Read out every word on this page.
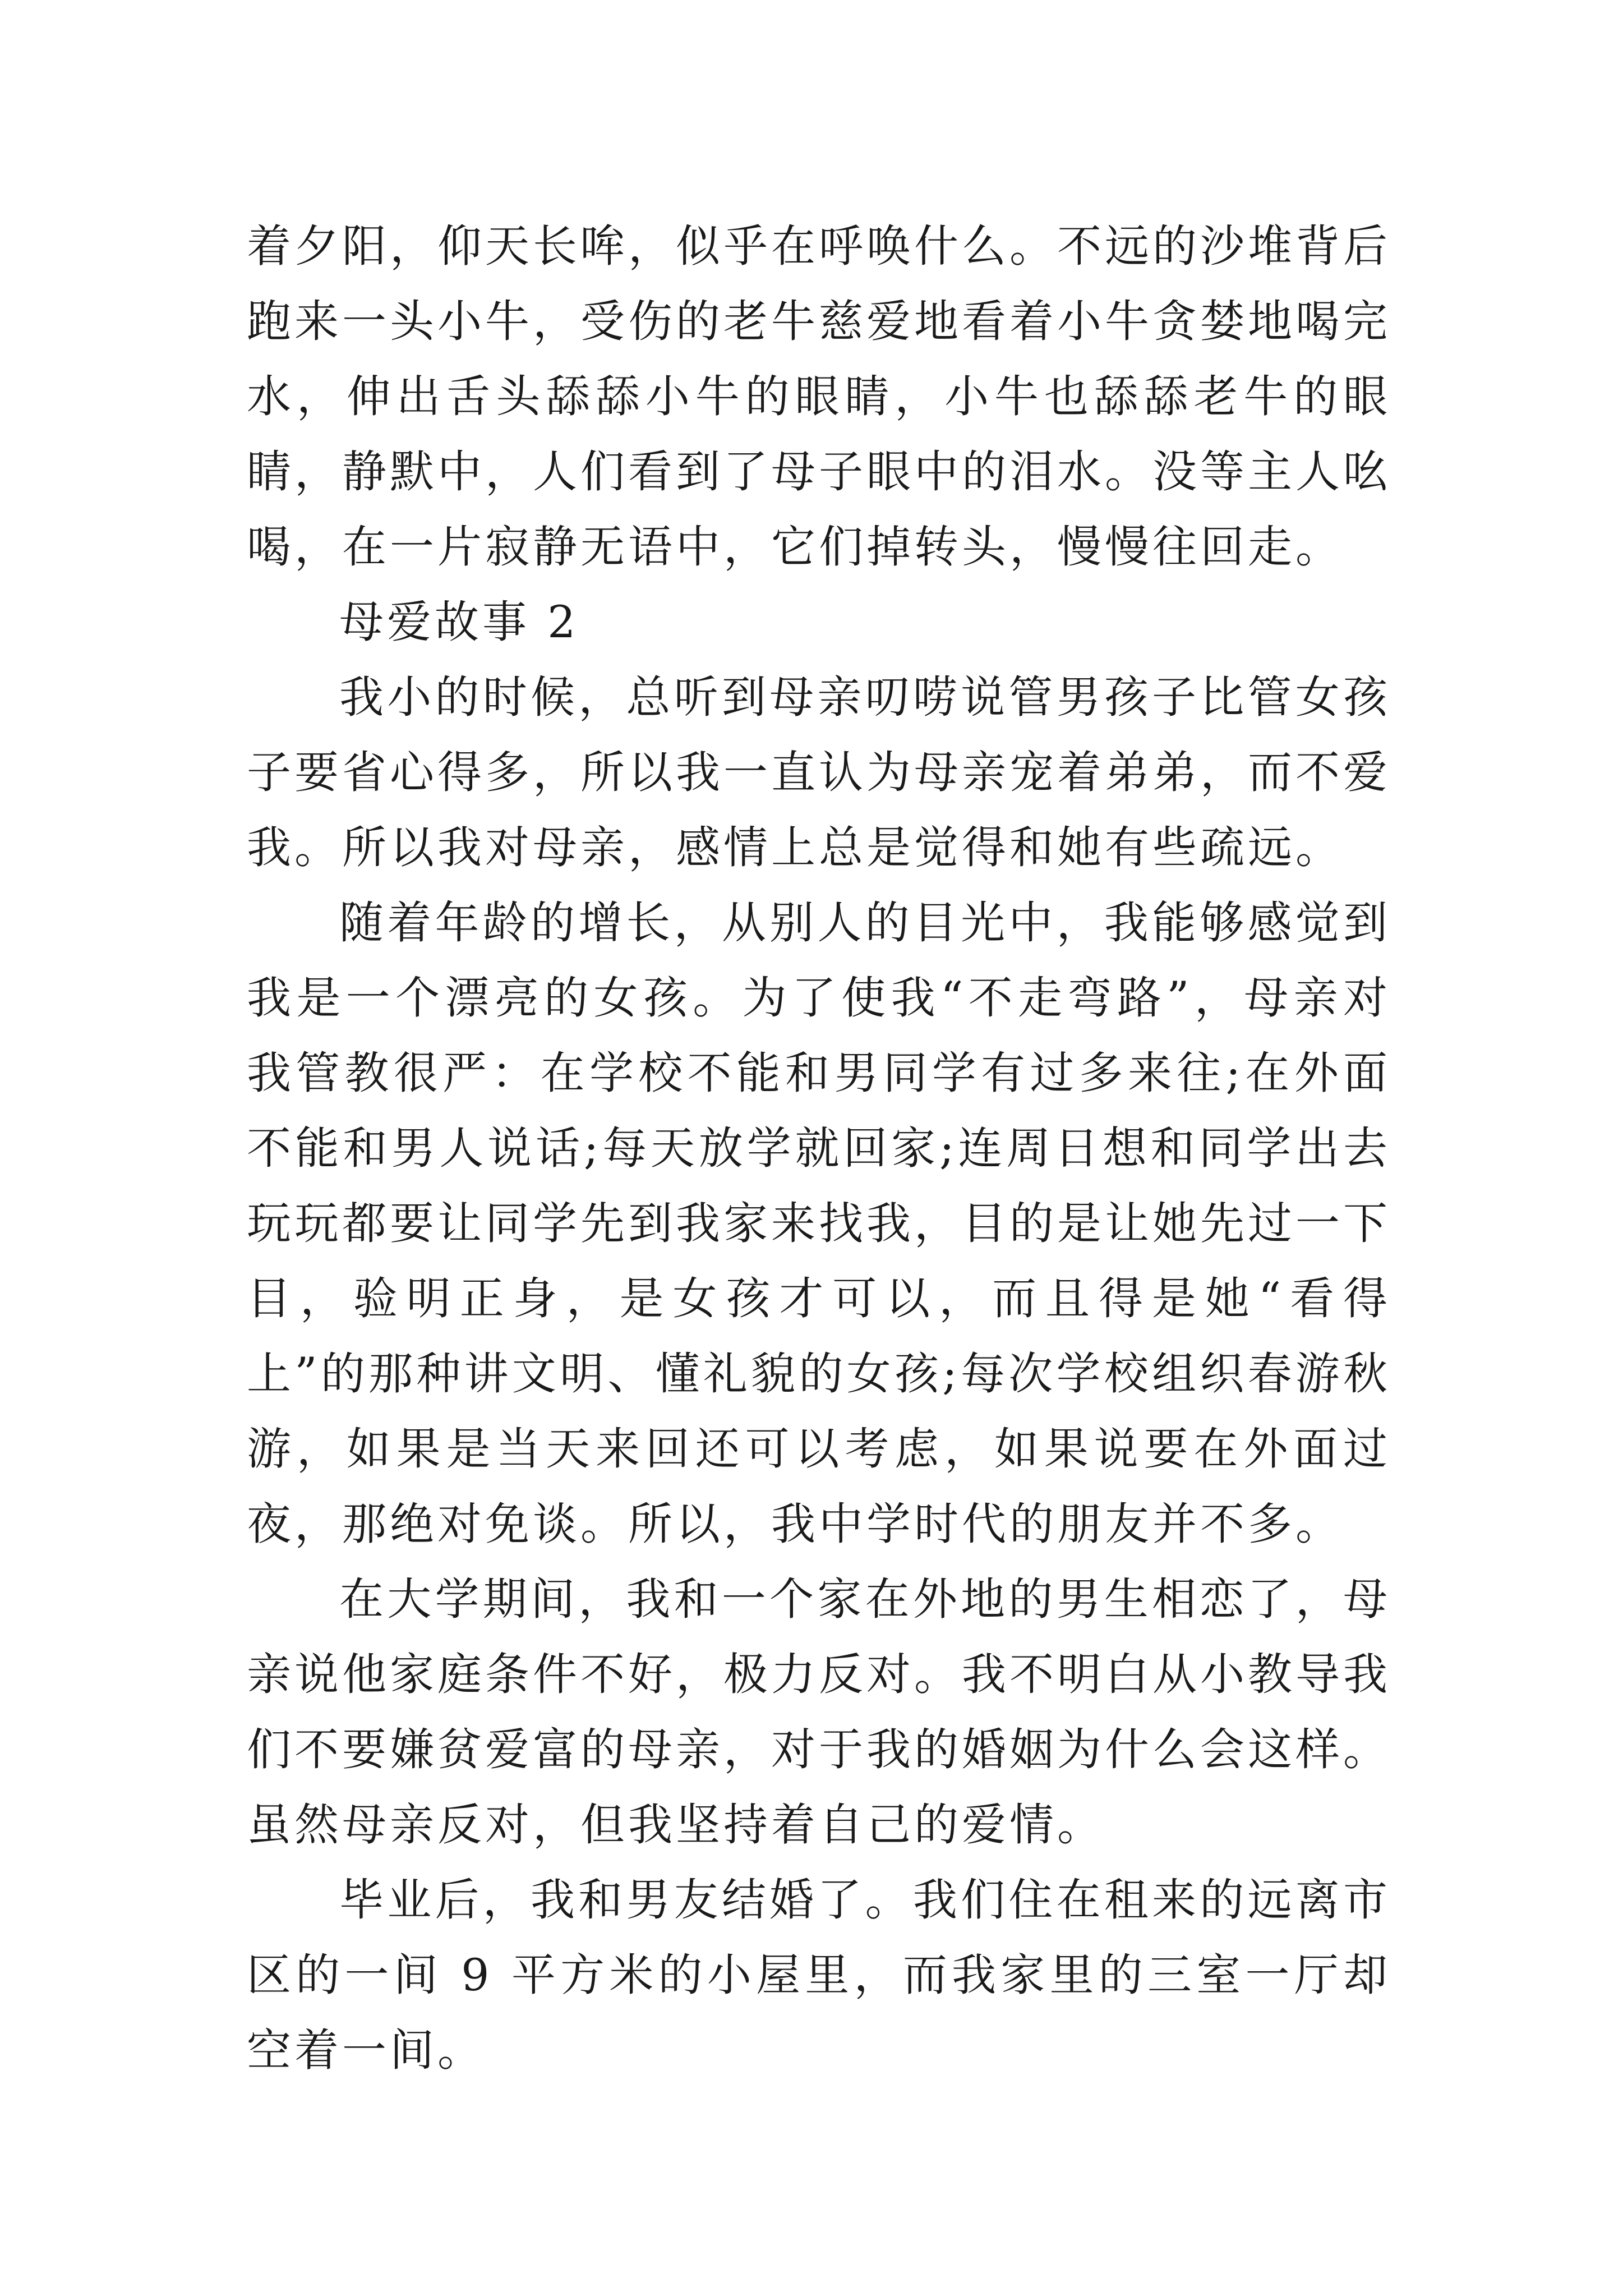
着夕阳，仰天长哞，似乎在呼唤什么。不远的沙堆背后跑来一头小牛，受伤的老牛慈爱地看着小牛贪婪地喝完水，伸出舌头舔舔小牛的眼睛，小牛也舔舔老牛的眼睛，静默中，人们看到了母子眼中的泪水。没等主人吆喝，在一片寂静无语中，它们掉转头，慢慢往回走。

母爱故事 2

我小的时候，总听到母亲叨唠说管男孩子比管女孩子要省心得多，所以我一直认为母亲宠着弟弟，而不爱我。所以我对母亲，感情上总是觉得和她有些疏远。

随着年龄的增长，从别人的目光中，我能够感觉到我是一个漂亮的女孩。为了使我“不走弯路”，母亲对我管教很严：在学校不能和男同学有过多来往;在外面不能和男人说话;每天放学就回家;连周日想和同学出去玩玩都要让同学先到我家来找我，目的是让她先过一下目，验明正身，是女孩才可以，而且得是她“看得上”的那种讲文明、懂礼貌的女孩;每次学校组织春游秋游，如果是当天来回还可以考虑，如果说要在外面过夜，那绝对免谈。所以，我中学时代的朋友并不多。

在大学期间，我和一个家在外地的男生相恋了，母亲说他家庭条件不好，极力反对。我不明白从小教导我们不要嫌贫爱富的母亲，对于我的婚姻为什么会这样。虽然母亲反对，但我坚持着自己的爱情。

毕业后，我和男友结婚了。我们住在租来的远离市区的一间 9 平方米的小屋里，而我家里的三室一厅却空着一间。
